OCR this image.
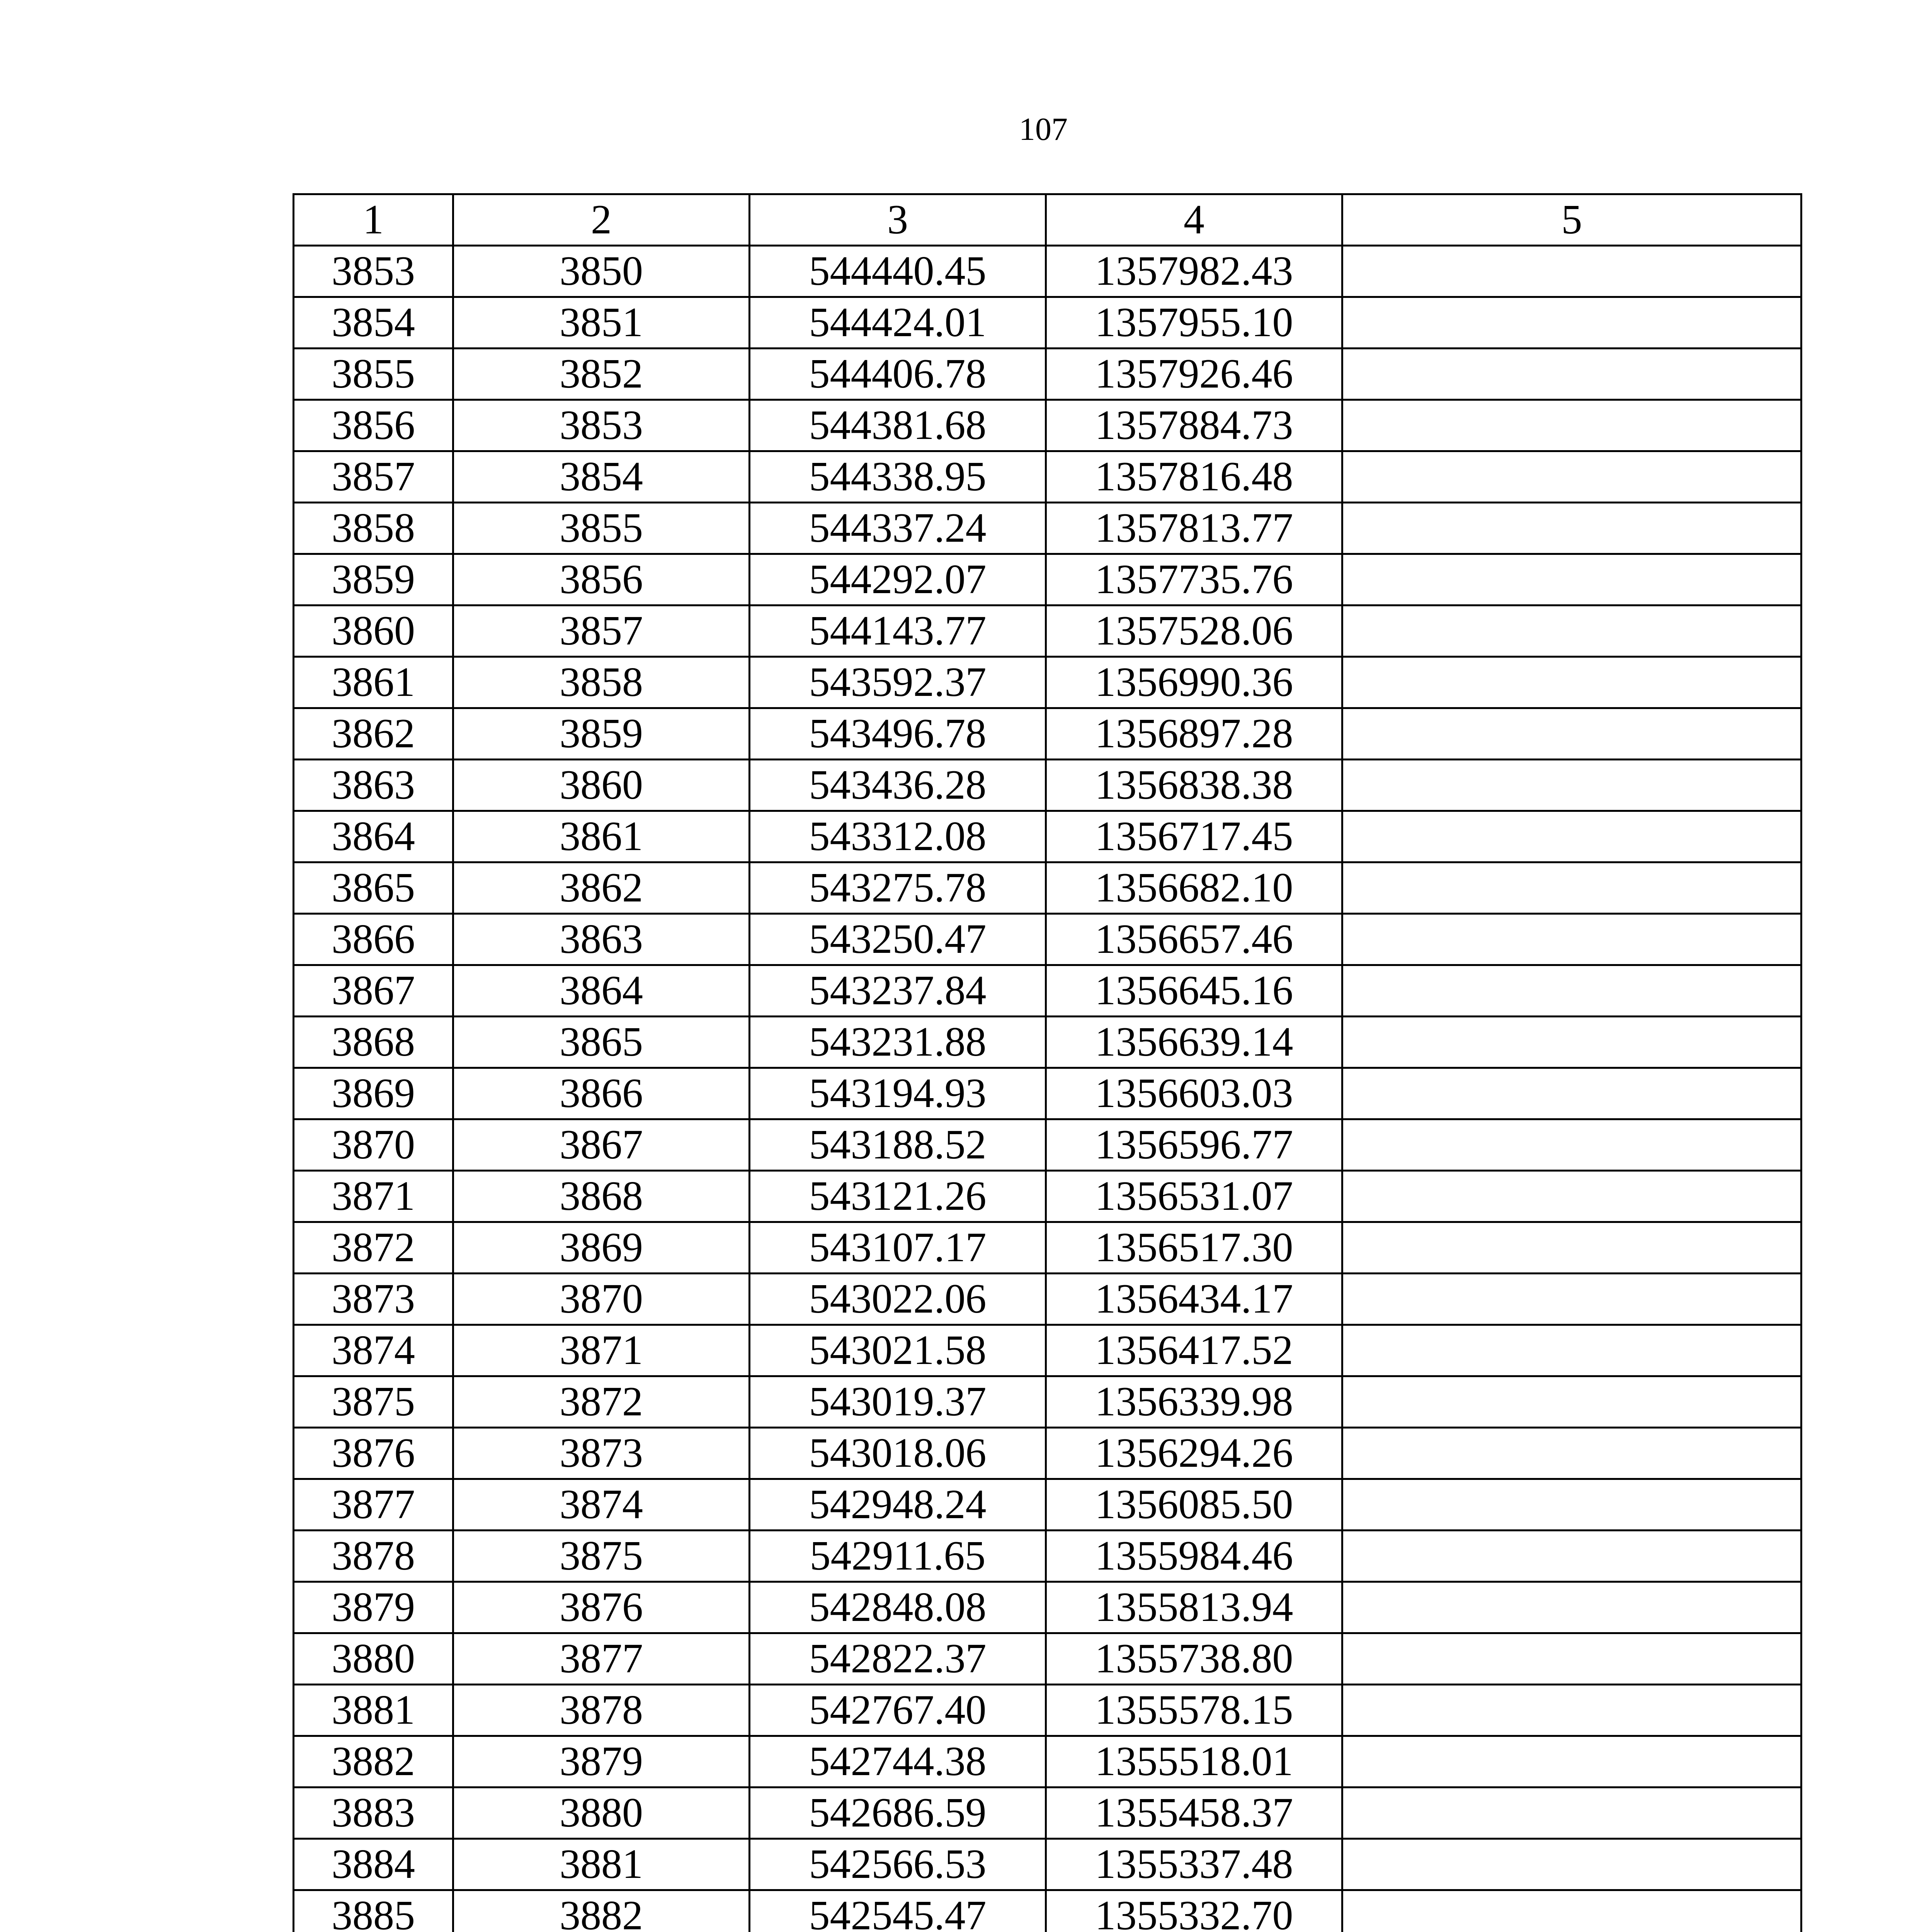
107
1	2	3	4	5
3853	3850	544440.45	1357982.43	
3854	3851	544424.01	1357955.10	
3855	3852	544406.78	1357926.46	
3856	3853	544381.68	1357884.73	
3857	3854	544338.95	1357816.48	
3858	3855	544337.24	1357813.77	
3859	3856	544292.07	1357735.76	
3860	3857	544143.77	1357528.06	
3861	3858	543592.37	1356990.36	
3862	3859	543496.78	1356897.28	
3863	3860	543436.28	1356838.38	
3864	3861	543312.08	1356717.45	
3865	3862	543275.78	1356682.10	
3866	3863	543250.47	1356657.46	
3867	3864	543237.84	1356645.16	
3868	3865	543231.88	1356639.14	
3869	3866	543194.93	1356603.03	
3870	3867	543188.52	1356596.77	
3871	3868	543121.26	1356531.07	
3872	3869	543107.17	1356517.30	
3873	3870	543022.06	1356434.17	
3874	3871	543021.58	1356417.52	
3875	3872	543019.37	1356339.98	
3876	3873	543018.06	1356294.26	
3877	3874	542948.24	1356085.50	
3878	3875	542911.65	1355984.46	
3879	3876	542848.08	1355813.94	
3880	3877	542822.37	1355738.80	
3881	3878	542767.40	1355578.15	
3882	3879	542744.38	1355518.01	
3883	3880	542686.59	1355458.37	
3884	3881	542566.53	1355337.48	
3885	3882	542545.47	1355332.70	
